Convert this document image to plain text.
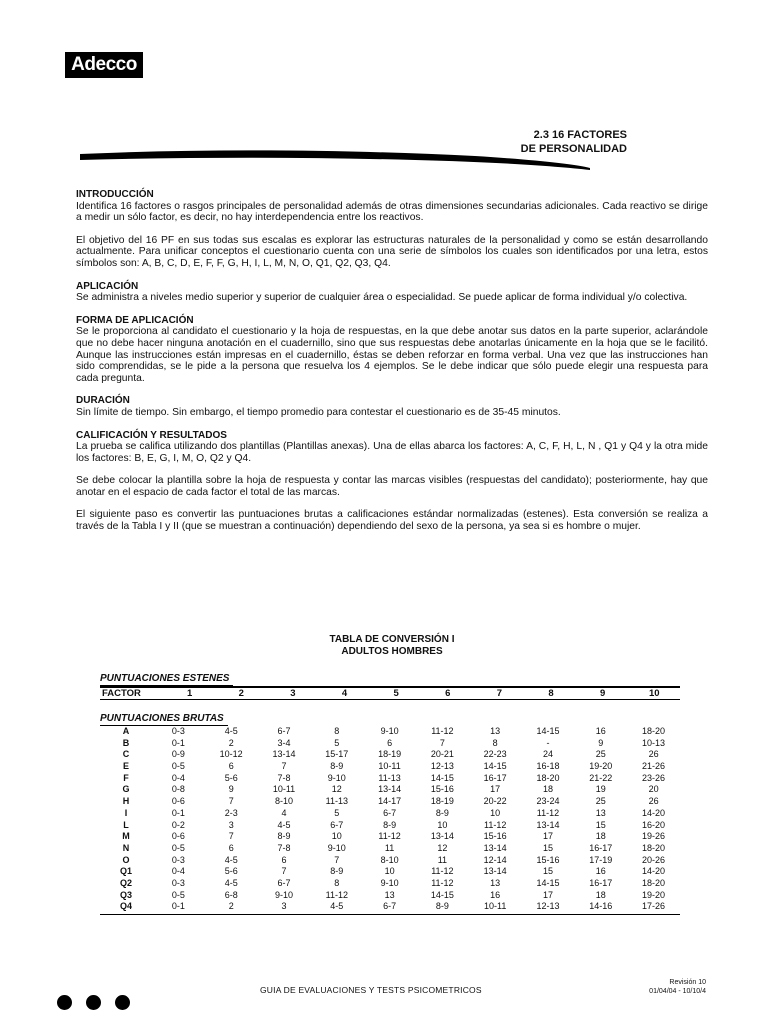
Adecco
2.3 16 FACTORES
DE PERSONALIDAD
INTRODUCCIÓN

Identifica 16 factores o rasgos principales de personalidad además de otras dimensiones secundarias adicionales. Cada reactivo se dirige a medir un sólo factor, es decir, no hay interdependencia entre los reactivos.

El objetivo del 16 PF en sus todas sus escalas es explorar las estructuras naturales de la personalidad y como se están desarrollando actualmente. Para unificar conceptos el cuestionario cuenta con una serie de símbolos los cuales son identificados por una letra, estos símbolos son: A, B, C, D, E, F, F, G, H, I, L, M, N, O, Q1, Q2, Q3, Q4.

APLICACIÓN

Se administra a niveles medio superior y superior de cualquier área o especialidad. Se puede aplicar de forma individual y/o colectiva.

FORMA DE APLICACIÓN

Se le proporciona al candidato el cuestionario y la hoja de respuestas, en la que debe anotar sus datos en la parte superior, aclarándole que no debe hacer ninguna anotación en el cuadernillo, sino que sus respuestas debe anotarlas únicamente en la hoja que se le facilitó. Aunque las instrucciones están impresas en el cuadernillo, éstas se deben reforzar en forma verbal. Una vez que las instrucciones han sido comprendidas, se le pide a la persona que resuelva los 4 ejemplos. Se le debe indicar que sólo puede elegir una respuesta para cada pregunta.

DURACIÓN

Sin límite de tiempo. Sin embargo, el tiempo promedio para contestar el cuestionario es de 35-45 minutos.

CALIFICACIÓN Y RESULTADOS

La prueba se califica utilizando dos plantillas (Plantillas anexas). Una de ellas abarca los factores: A, C, F, H, L, N , Q1 y Q4 y la otra mide los factores: B, E, G, I, M, O, Q2 y Q4.

Se debe colocar la plantilla sobre la hoja de respuesta y contar las marcas visibles (respuestas del candidato); posteriormente, hay que anotar en el espacio de cada factor el total de las marcas.

El siguiente paso es convertir las puntuaciones brutas a calificaciones estándar normalizadas (estenes). Esta conversión se realiza a través de la Tabla I y II (que se muestran a continuación) dependiendo del sexo de la persona, ya sea si es hombre o mujer.

TABLA DE CONVERSIÓN I
ADULTOS HOMBRES
PUNTUACIONES ESTENES
FACTOR	1	2	3	4	5	6	7	8	9	10
PUNTUACIONES BRUTAS
A	0-3	4-5	6-7	8	9-10	11-12	13	14-15	16	18-20
B	0-1	2	3-4	5	6	7	8	-	9	10-13
C	0-9	10-12	13-14	15-17	18-19	20-21	22-23	24	25	26
E	0-5	6	7	8-9	10-11	12-13	14-15	16-18	19-20	21-26
F	0-4	5-6	7-8	9-10	11-13	14-15	16-17	18-20	21-22	23-26
G	0-8	9	10-11	12	13-14	15-16	17	18	19	20
H	0-6	7	8-10	11-13	14-17	18-19	20-22	23-24	25	26
I	0-1	2-3	4	5	6-7	8-9	10	11-12	13	14-20
L	0-2	3	4-5	6-7	8-9	10	11-12	13-14	15	16-20
M	0-6	7	8-9	10	11-12	13-14	15-16	17	18	19-26
N	0-5	6	7-8	9-10	11	12	13-14	15	16-17	18-20
O	0-3	4-5	6	7	8-10	11	12-14	15-16	17-19	20-26
Q1	0-4	5-6	7	8-9	10	11-12	13-14	15	16	14-20
Q2	0-3	4-5	6-7	8	9-10	11-12	13	14-15	16-17	18-20
Q3	0-5	6-8	9-10	11-12	13	14-15	16	17	18	19-20
Q4	0-1	2	3	4-5	6-7	8-9	10-11	12-13	14-16	17-26
GUIA DE EVALUACIONES Y TESTS PSICOMETRICOS
Revisión 10
01/04/04 - 10/10/4
